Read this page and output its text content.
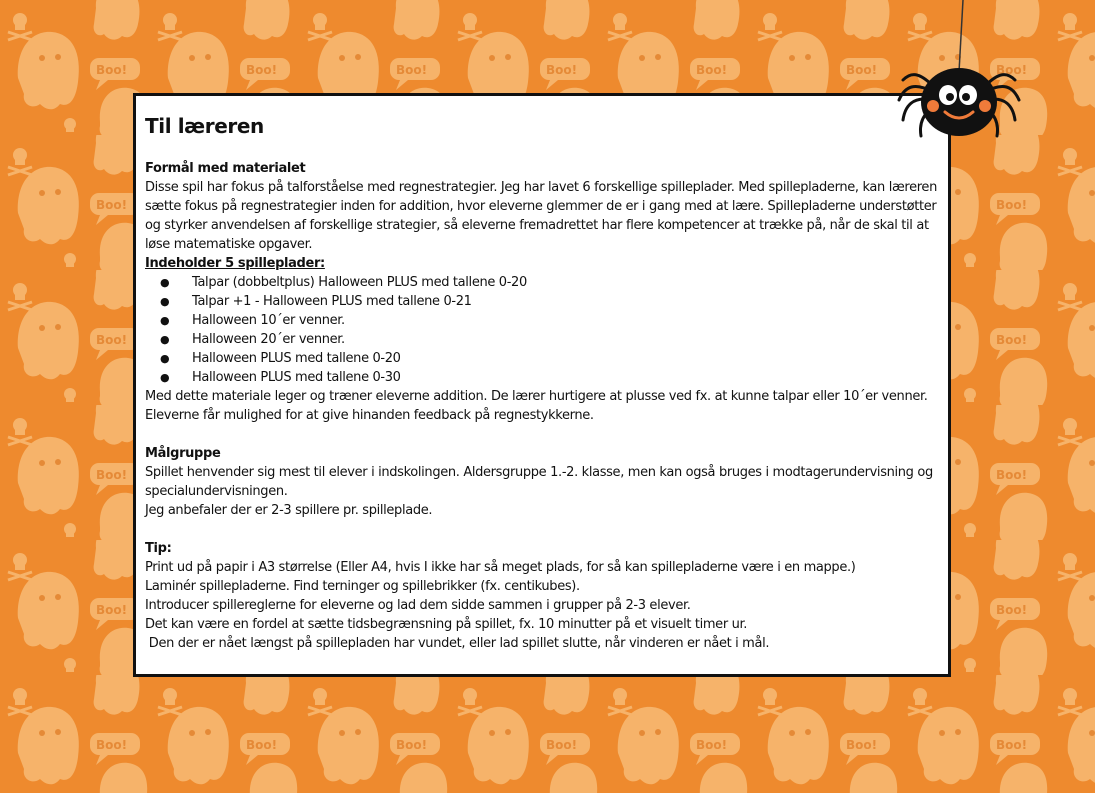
Til læreren

Formål med materialet

Disse spil har fokus på talforståelse med regnestrategier. Jeg har lavet 6 forskellige spilleplader. Med spillepladerne, kan læreren sætte fokus på regnestrategier inden for addition, hvor eleverne glemmer de er i gang med at lære. Spillepladerne understøtter og styrker anvendelsen af forskellige strategier, så eleverne fremadrettet har flere kompetencer at trække på, når de skal til at løse matematiske opgaver.

Indeholder 5 spilleplader:

● Talpar (dobbeltplus) Halloween PLUS med tallene 0-20
● Talpar +1 - Halloween PLUS med tallene 0-21
● Halloween 10´er venner.
● Halloween 20´er venner.
● Halloween PLUS med tallene 0-20
● Halloween PLUS med tallene 0-30

Med dette materiale leger og træner eleverne addition. De lærer hurtigere at plusse ved fx. at kunne talpar eller 10´er venner.

Eleverne får mulighed for at give hinanden feedback på regnestykkerne.

Målgruppe

Spillet henvender sig mest til elever i indskolingen. Aldersgruppe 1.-2. klasse, men kan også bruges i modtagerundervisning og specialundervisningen.

Jeg anbefaler der er 2-3 spillere pr. spilleplade.

Tip:

Print ud på papir i A3 størrelse (Eller A4, hvis I ikke har så meget plads, for så kan spillepladerne være i en mappe.)

Laminér spillepladerne. Find terninger og spillebrikker (fx. centikubes).

Introducer spillereglerne for eleverne og lad dem sidde sammen i grupper på 2-3 elever.

Det kan være en fordel at sætte tidsbegrænsning på spillet, fx. 10 minutter på et visuelt timer ur.

Den der er nået længst på spillepladen har vundet, eller lad spillet slutte, når vinderen er nået i mål.
